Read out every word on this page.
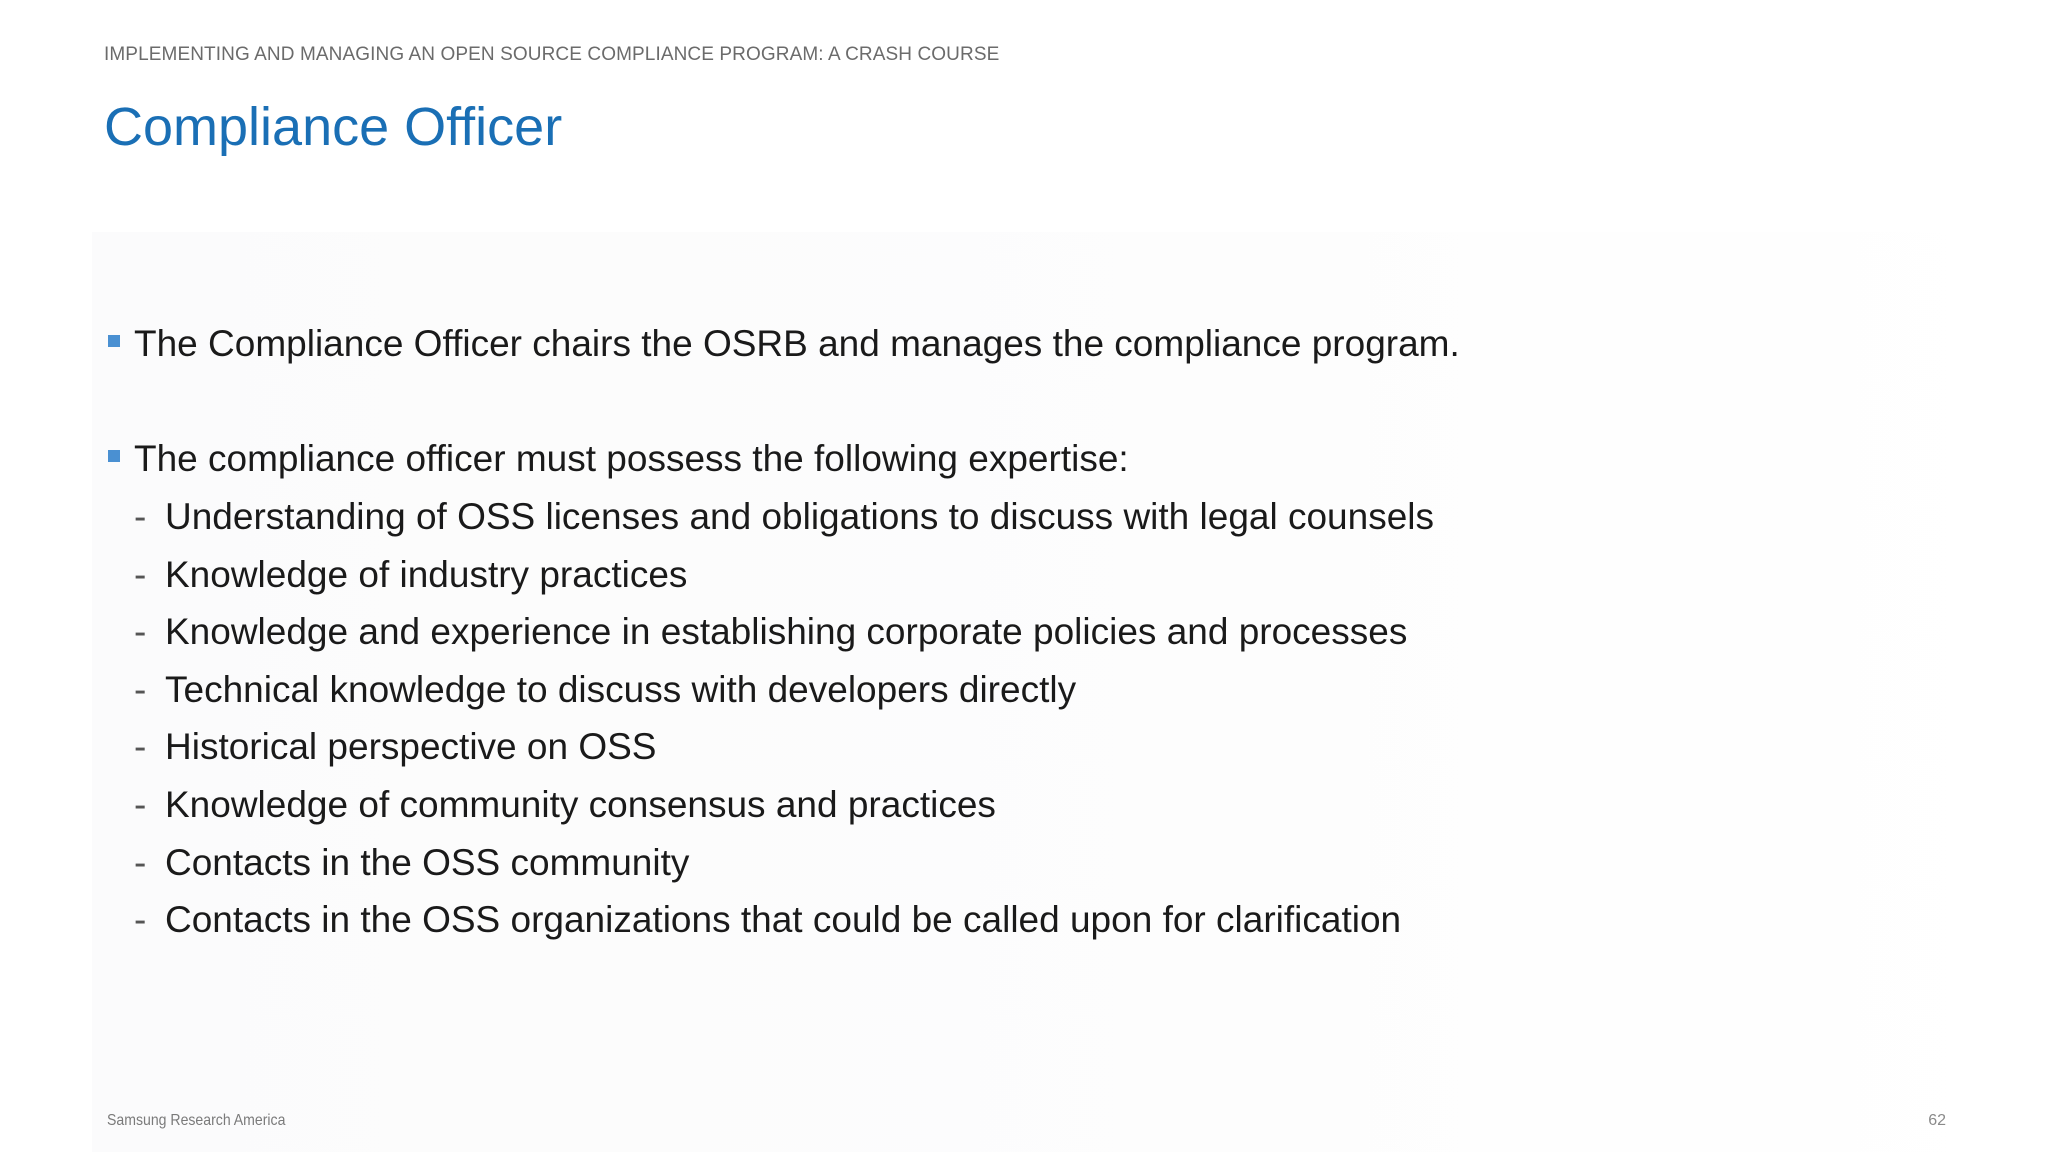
IMPLEMENTING AND MANAGING AN OPEN SOURCE COMPLIANCE PROGRAM: A CRASH COURSE
Compliance Officer
The Compliance Officer chairs the OSRB and manages the compliance program.
The compliance officer must possess the following expertise:
- Understanding of OSS licenses and obligations to discuss with legal counsels
- Knowledge of industry practices
- Knowledge and experience in establishing corporate policies and processes
- Technical knowledge to discuss with developers directly
- Historical perspective on OSS
- Knowledge of community consensus and practices
- Contacts in the OSS community
- Contacts in the OSS organizations that could be called upon for clarification
Samsung Research America	62
